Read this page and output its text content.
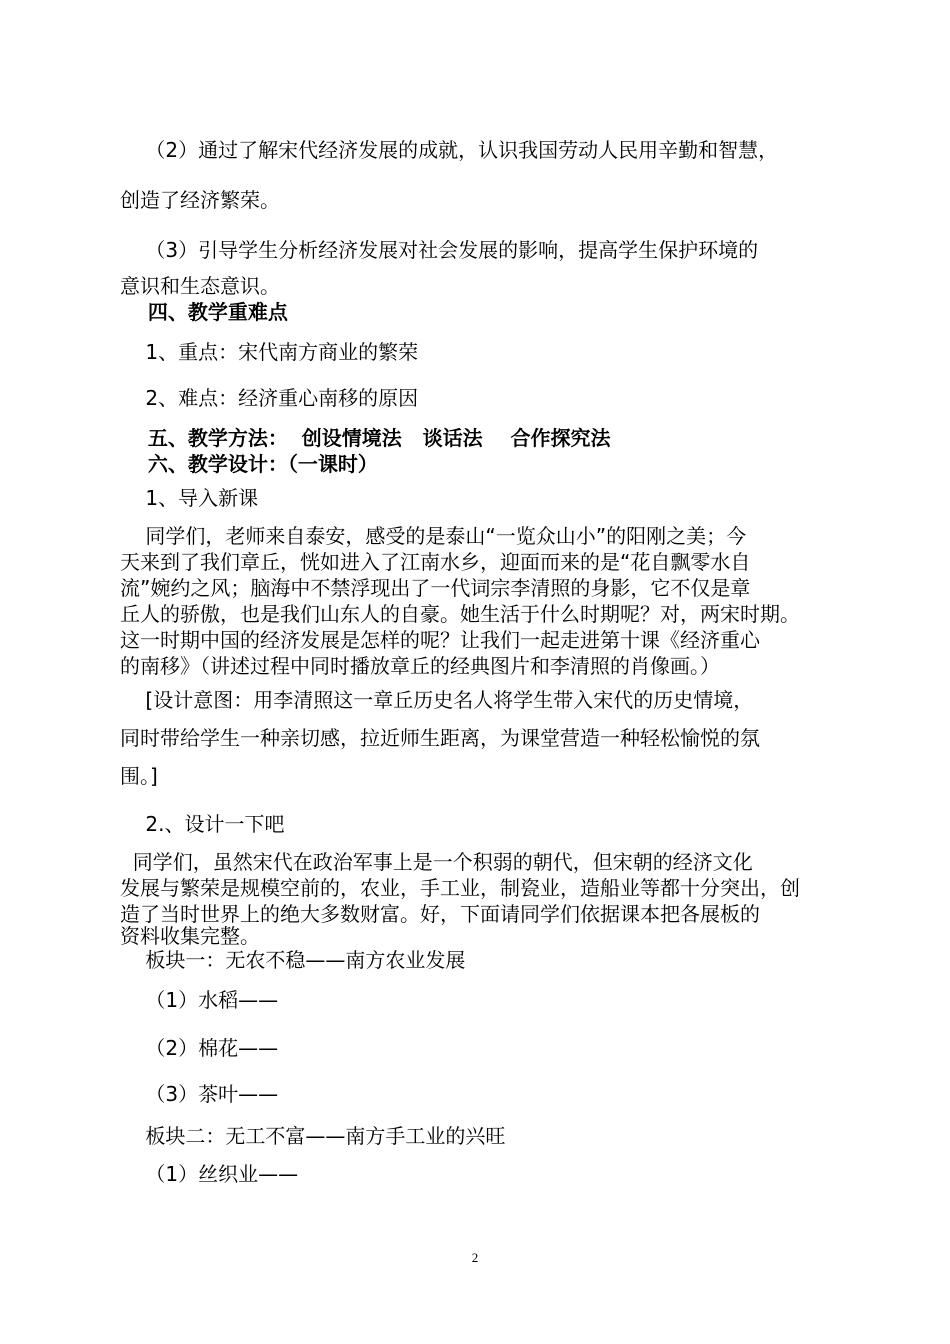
（2）通过了解宋代经济发展的成就，认识我国劳动人民用辛勤和智慧，
创造了经济繁荣。
（3）引导学生分析经济发展对社会发展的影响，提高学生保护环境的
意识和生态意识。
四、教学重难点
1、重点：宋代南方商业的繁荣
2、难点：经济重心南移的原因
五、教学方法：  创设情境法   谈话法    合作探究法
六、教学设计：（一课时）
1、导入新课
同学们，老师来自泰安，感受的是泰山“一览众山小”的阳刚之美；今
天来到了我们章丘，恍如进入了江南水乡，迎面而来的是“花自飘零水自
流”婉约之风；脑海中不禁浮现出了一代词宗李清照的身影，它不仅是章
丘人的骄傲，也是我们山东人的自豪。她生活于什么时期呢？对，两宋时期。
这一时期中国的经济发展是怎样的呢？让我们一起走进第十课《经济重心
的南移》（讲述过程中同时播放章丘的经典图片和李清照的肖像画。）
[设计意图：用李清照这一章丘历史名人将学生带入宋代的历史情境，
同时带给学生一种亲切感，拉近师生距离，为课堂营造一种轻松愉悦的氛
围。]
2.、设计一下吧
同学们，虽然宋代在政治军事上是一个积弱的朝代，但宋朝的经济文化
发展与繁荣是规模空前的，农业，手工业，制瓷业，造船业等都十分突出，创
造了当时世界上的绝大多数财富。好，下面请同学们依据课本把各展板的
资料收集完整。
板块一：无农不稳——南方农业发展
（1）水稻——
（2）棉花——
（3）茶叶——
板块二：无工不富——南方手工业的兴旺
（1）丝织业——
2
